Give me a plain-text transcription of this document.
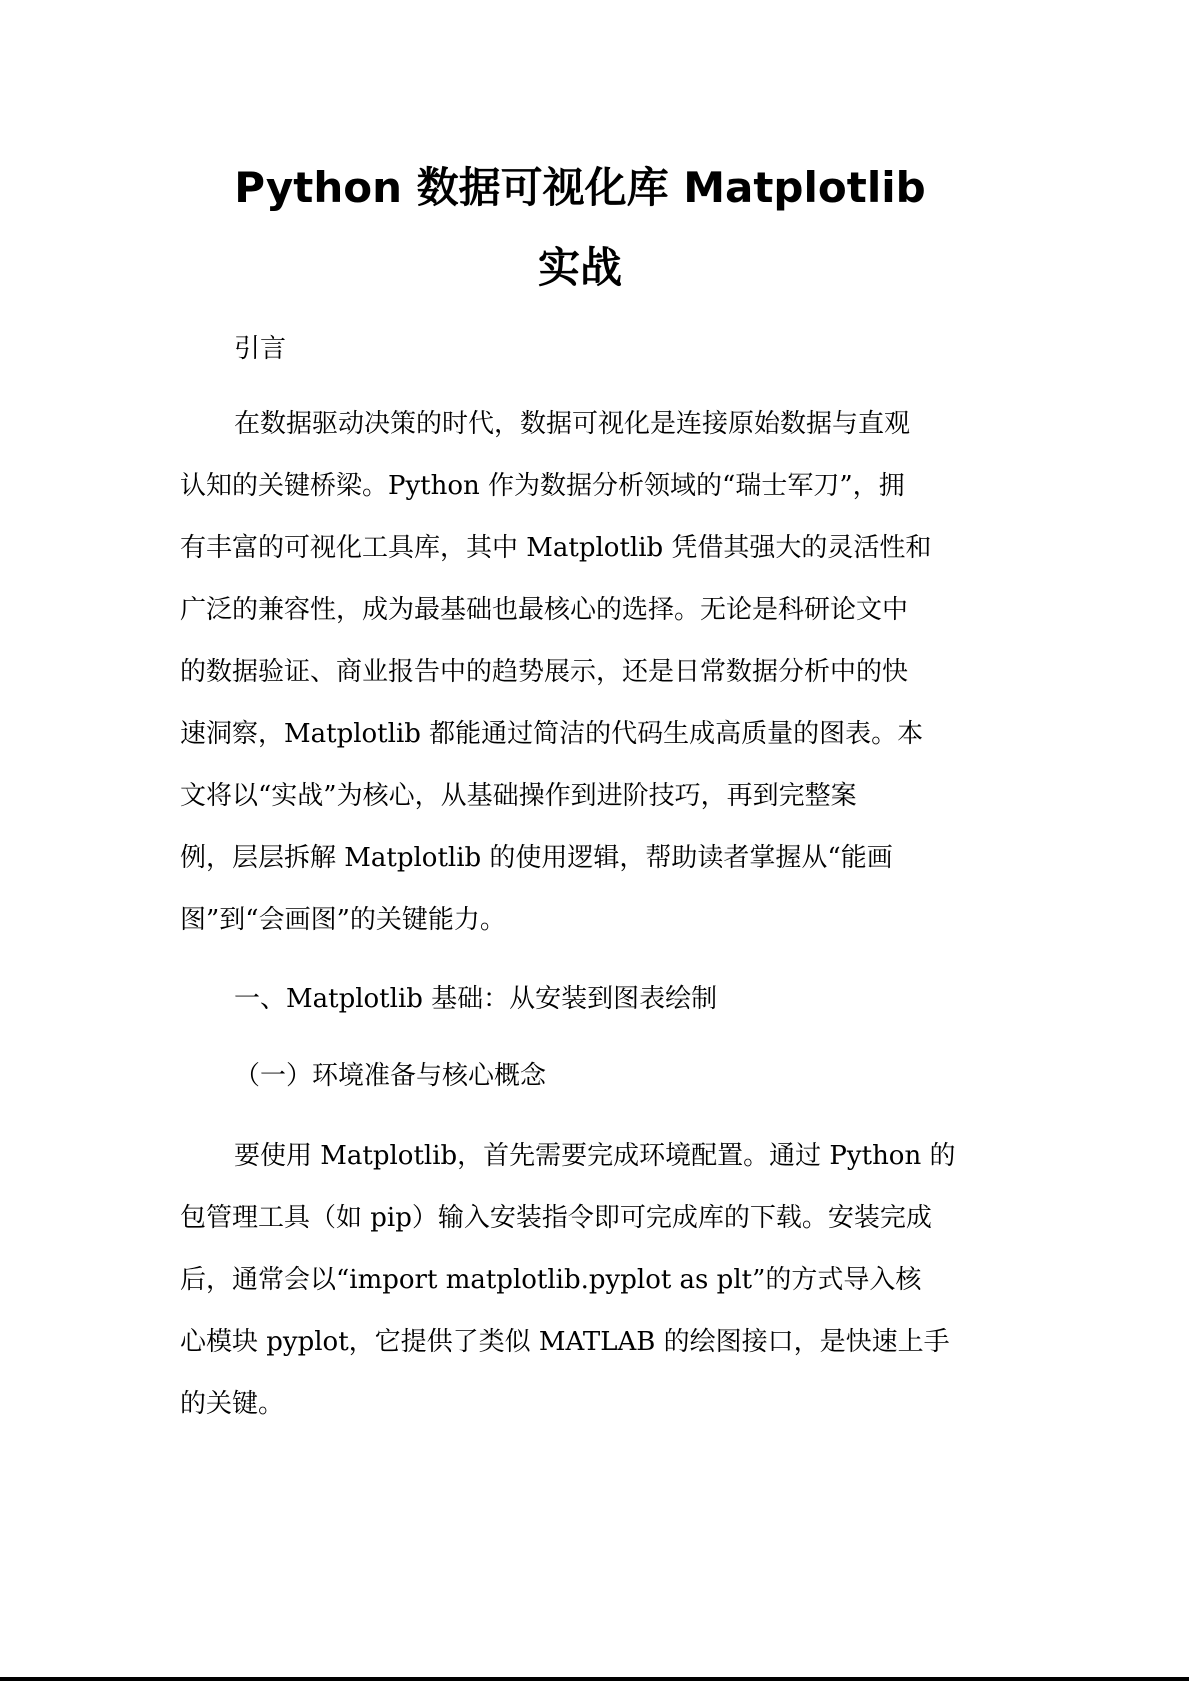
Python 数据可视化库 Matplotlib
实战
引言
在数据驱动决策的时代，数据可视化是连接原始数据与直观
认知的关键桥梁。Python 作为数据分析领域的“瑞士军刀”，拥
有丰富的可视化工具库，其中 Matplotlib 凭借其强大的灵活性和
广泛的兼容性，成为最基础也最核心的选择。无论是科研论文中
的数据验证、商业报告中的趋势展示，还是日常数据分析中的快
速洞察，Matplotlib 都能通过简洁的代码生成高质量的图表。本
文将以“实战”为核心，从基础操作到进阶技巧，再到完整案
例，层层拆解 Matplotlib 的使用逻辑，帮助读者掌握从“能画
图”到“会画图”的关键能力。
一、Matplotlib 基础：从安装到图表绘制
（一）环境准备与核心概念
要使用 Matplotlib，首先需要完成环境配置。通过 Python 的
包管理工具（如 pip）输入安装指令即可完成库的下载。安装完成
后，通常会以“import matplotlib.pyplot as plt”的方式导入核
心模块 pyplot，它提供了类似 MATLAB 的绘图接口，是快速上手
的关键。
